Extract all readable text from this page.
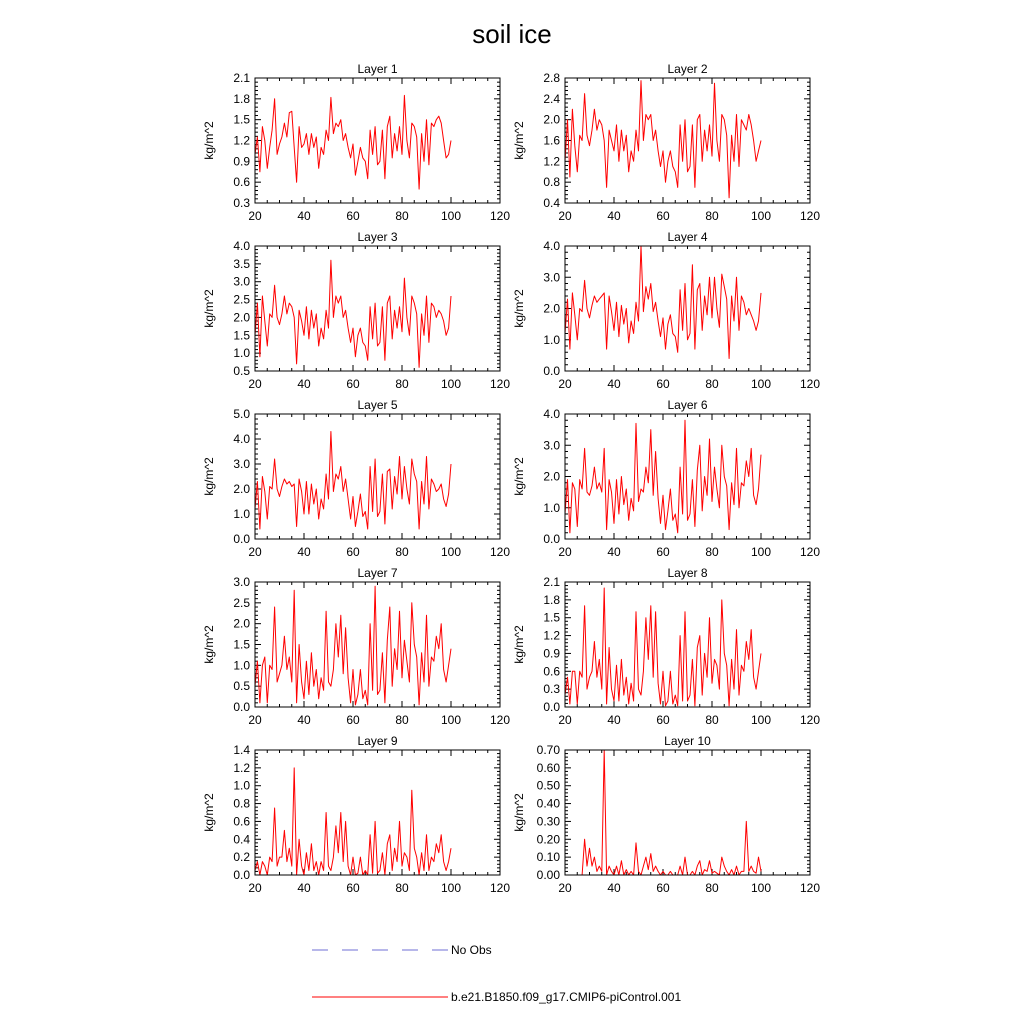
soil ice
Layer 1
kg/m^2
20	40	60	80	100 120
0.3
0.6
0.9
1.2
1.5
1.8
2.1
Layer 2
kg/m^2
20	40	60	80	100 120
0.4
0.8
1.2
1.6
2.0
2.4
2.8
Layer 3
kg/m^2
20	40	60	80	100 120
0.5
1.0
1.5
2.0
2.5
3.0
3.5
4.0
Layer 4
kg/m^2
20	40	60	80	100 120
0.0
1.0
2.0
3.0
4.0
Layer 5
kg/m^2
20	40	60	80	100 120
0.0
1.0
2.0
3.0
4.0
5.0
Layer 6
kg/m^2
20	40	60	80	100 120
0.0
1.0
2.0
3.0
4.0
Layer 7
kg/m^2
20	40	60	80	100 120
0.0
0.5
1.0
1.5
2.0
2.5
3.0
Layer 8
kg/m^2
20	40	60	80	100 120
0.0
0.3
0.6
0.9
1.2
1.5
1.8
2.1
Layer 9
kg/m^2
20	40	60	80	100 120
0.0
0.2
0.4
0.6
0.8
1.0
1.2
1.4
Layer 10
kg/m^2
20	40	60	80	100 120
0.00
0.10
0.20
0.30
0.40
0.50
0.60
0.70
No Obs
b.e21.B1850.f09_g17.CMIP6-piControl.001
